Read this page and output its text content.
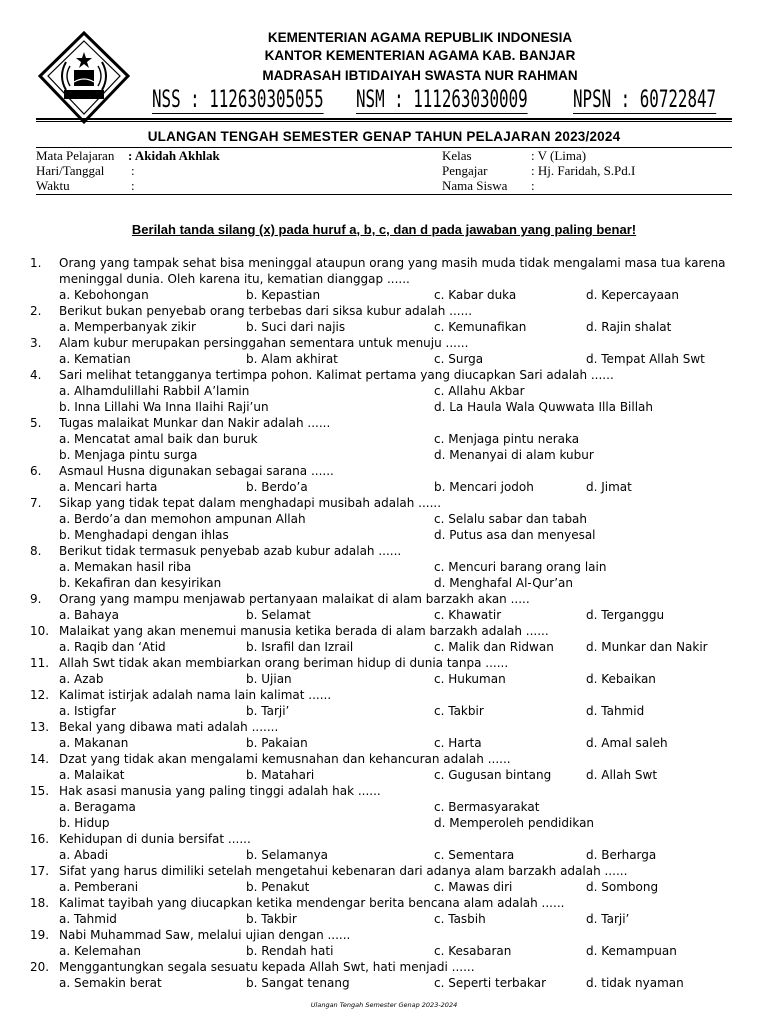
KEMENTERIAN AGAMA REPUBLIK INDONESIA
KANTOR KEMENTERIAN AGAMA KAB. BANJAR
MADRASAH IBTIDAIYAH SWASTA NUR RAHMAN
NSS : 112630305055 NSM : 111263030009 NPSN : 60722847
ULANGAN TENGAH SEMESTER GENAP TAHUN PELAJARAN 2023/2024
Mata Pelajaran : Akidah Akhlak
Hari/Tanggal :
Waktu	:
Kelas	: V (Lima)
Pengajar	: Hj. Faridah, S.Pd.I
Nama Siswa :
Berilah tanda silang (x) pada huruf a, b, c, dan d pada jawaban yang paling benar!
1.	Orang yang tampak sehat bisa meninggal ataupun orang yang masih muda tidak mengalami masa tua karena meninggal dunia. Oleh karena itu, kematian dianggap ......
a. Kebohongan	b. Kepastian	c. Kabar duka	d. Kepercayaan
2.	Berikut bukan penyebab orang terbebas dari siksa kubur adalah ......
a. Memperbanyak zikir	b. Suci dari najis	c. Kemunafikan	d. Rajin shalat
3.	Alam kubur merupakan persinggahan sementara untuk menuju ......
a. Kematian	b. Alam akhirat	c. Surga	d. Tempat Allah Swt
4.	Sari melihat tetangganya tertimpa pohon. Kalimat pertama yang diucapkan Sari adalah ......
a. Alhamdulillahi Rabbil A’lamin	c. Allahu Akbar
b. Inna Lillahi Wa Inna Ilaihi Raji’un	d. La Haula Wala Quwwata Illa Billah
5.	Tugas malaikat Munkar dan Nakir adalah ......
a. Mencatat amal baik dan buruk	c. Menjaga pintu neraka
b. Menjaga pintu surga	d. Menanyai di alam kubur
6.	Asmaul Husna digunakan sebagai sarana ......
a. Mencari harta	b. Berdo’a	b. Mencari jodoh	d. Jimat
7.	Sikap yang tidak tepat dalam menghadapi musibah adalah ......
a. Berdo’a dan memohon ampunan Allah	c. Selalu sabar dan tabah
b. Menghadapi dengan ihlas	d. Putus asa dan menyesal
8.	Berikut tidak termasuk penyebab azab kubur adalah ......
a. Memakan hasil riba	c. Mencuri barang orang lain
b. Kekafiran dan kesyirikan	d. Menghafal Al-Qur’an
9.	Orang yang mampu menjawab pertanyaan malaikat di alam barzakh akan .....
a. Bahaya	b. Selamat	c. Khawatir	d. Terganggu
10. Malaikat yang akan menemui manusia ketika berada di alam barzakh adalah ......
a. Raqib dan ‘Atid	b. Israfil dan Izrail	c. Malik dan Ridwan	d. Munkar dan Nakir
11. Allah Swt tidak akan membiarkan orang beriman hidup di dunia tanpa ......
a. Azab	b. Ujian	c. Hukuman	d. Kebaikan
12. Kalimat istirjak adalah nama lain kalimat ......
a. Istigfar	b. Tarji’	c. Takbir	d. Tahmid
13. Bekal yang dibawa mati adalah .......
a. Makanan	b. Pakaian	c. Harta	d. Amal saleh
14. Dzat yang tidak akan mengalami kemusnahan dan kehancuran adalah ......
a. Malaikat	b. Matahari	c. Gugusan bintang	d. Allah Swt
15. Hak asasi manusia yang paling tinggi adalah hak ......
a. Beragama	c. Bermasyarakat
b. Hidup	d. Memperoleh pendidikan
16. Kehidupan di dunia bersifat ......
a. Abadi	b. Selamanya	c. Sementara	d. Berharga
17. Sifat yang harus dimiliki setelah mengetahui kebenaran dari adanya alam barzakh adalah ......
a. Pemberani	b. Penakut	c. Mawas diri	d. Sombong
18. Kalimat tayibah yang diucapkan ketika mendengar berita bencana alam adalah ......
a. Tahmid	b. Takbir	c. Tasbih	d. Tarji’
19. Nabi Muhammad Saw, melalui ujian dengan ......
a. Kelemahan	b. Rendah hati	c. Kesabaran	d. Kemampuan
20. Menggantungkan segala sesuatu kepada Allah Swt, hati menjadi ......
a. Semakin berat	b. Sangat tenang	c. Seperti terbakar	d. tidak nyaman
Ulangan Tengah Semester Genap 2023-2024
